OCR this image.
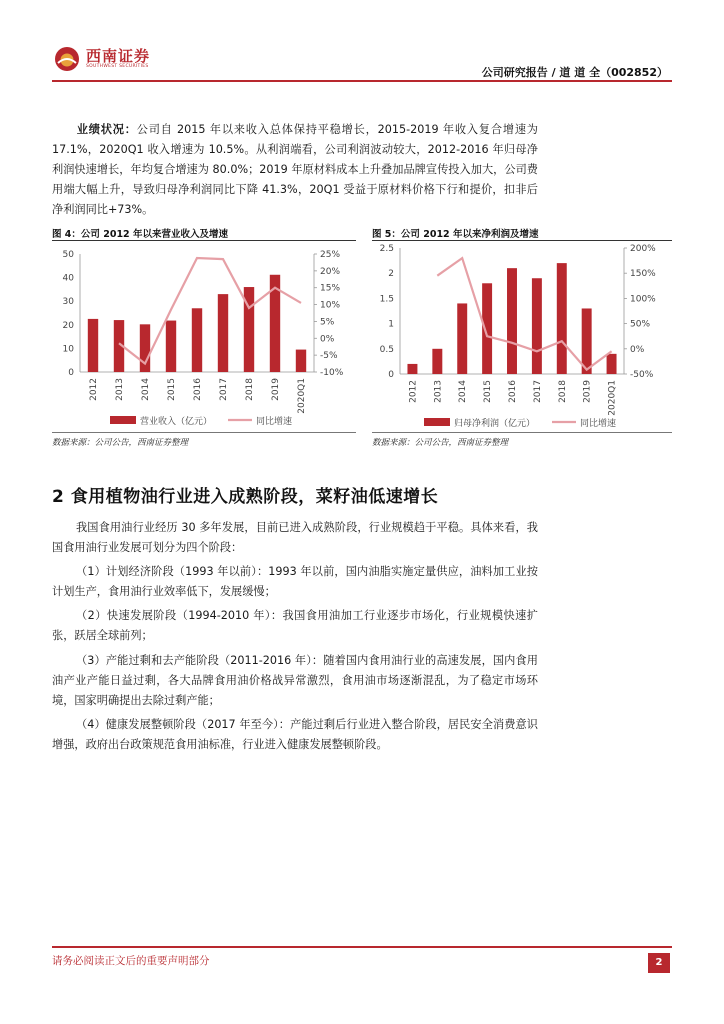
西南证券
SOUTHWEST SECURITIES	公司研究报告 / 道 道 全（002852）
业绩状况：公司自 2015 年以来收入总体保持平稳增长，2015-2019 年收入复合增速为 17.1%，2020Q1 收入增速为 10.5%。从利润端看，公司利润波动较大，2012-2016 年归母净利润快速增长，年均复合增速为 80.0%；2019 年原材料成本上升叠加品牌宣传投入加大，公司费用端大幅上升，导致归母净利润同比下降 41.3%，20Q1 受益于原材料价格下行和提价，扣非后净利润同比+73%。
图 4：公司 2012 年以来营业收入及增速
0
10
20
30
40
50
-10%
-5%
0%
5%
10%
15%
20%
25%
2012 2013 2014 2015 2016 2017 2018 2019 2020Q1
营业收入（亿元）	同比增速
数据来源：公司公告，西南证券整理
图 5：公司 2012 年以来净利润及增速
0
0.5
1
1.5
2
2.5
-50%
0%
50%
100%
150%
200%
2012 2013 2014 2015 2016 2017 2018 2019 2020Q1
归母净利润（亿元）	同比增速
数据来源：公司公告，西南证券整理
2 食用植物油行业进入成熟阶段，菜籽油低速增长
我国食用油行业经历 30 多年发展，目前已进入成熟阶段，行业规模趋于平稳。具体来看，我国食用油行业发展可划分为四个阶段：
（1）计划经济阶段（1993 年以前）：1993 年以前，国内油脂实施定量供应，油料加工业按计划生产，食用油行业效率低下，发展缓慢；
（2）快速发展阶段（1994-2010 年）：我国食用油加工行业逐步市场化，行业规模快速扩张，跃居全球前列；
（3）产能过剩和去产能阶段（2011-2016 年）：随着国内食用油行业的高速发展，国内食用油产业产能日益过剩，各大品牌食用油价格战异常激烈，食用油市场逐渐混乱，为了稳定市场环境，国家明确提出去除过剩产能；
（4）健康发展整顿阶段（2017 年至今）：产能过剩后行业进入整合阶段，居民安全消费意识增强，政府出台政策规范食用油标准，行业进入健康发展整顿阶段。
请务必阅读正文后的重要声明部分	2
